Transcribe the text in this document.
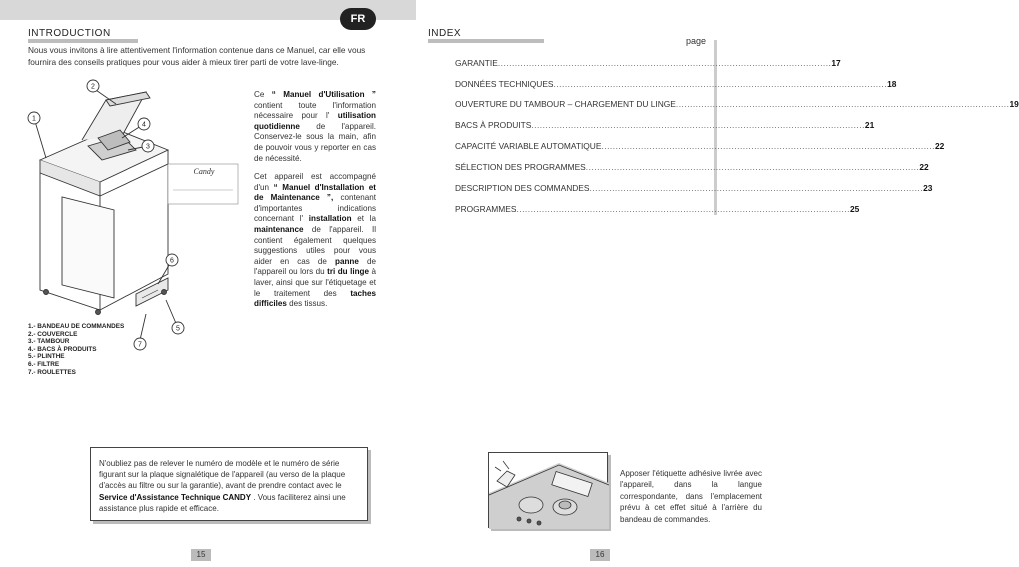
FR
INTRODUCTION

Nous vous invitons à lire attentivement l'information contenue dans ce Manuel, car elle vous fournira des conseils pratiques pour vous aider à mieux tirer parti de votre lave-linge.

1
2
3
4
5
6
7
Candy
1.- BANDEAU DE COMMANDES
2.- COUVERCLE
3.- TAMBOUR
4.- BACS À PRODUITS
5.- PLINTHE
6.- FILTRE
7.- ROULETTES

Ce “ Manuel d'Utilisation ” contient toute l'information nécessaire pour l' utilisation quotidienne de l'appareil. Conservez-le sous la main, afin de pouvoir vous y reporter en cas de nécessité.

Cet appareil est accompagné d'un “ Manuel d'Installation et de Maintenance ”, contenant d'importantes indications concernant l' installation et la maintenance de l'appareil. Il contient également quelques suggestions utiles pour vous aider en cas de panne de l'appareil ou lors du tri du linge à laver, ainsi que sur l'étiquetage et le traitement des taches difficiles des tissus.

N'oubliez pas de relever le numéro de modèle et le numéro de série figurant sur la plaque signalétique de l'appareil (au verso de la plaque d'accès au filtre ou sur la garantie), avant de prendre contact avec le Service d'Assistance Technique CANDY . Vous faciliterez ainsi une assistance plus rapide et efficace.
15
INDEX
page
GARANTIE ...................................................................................................................... 17
DONNÉES TECHNIQUES ...................................................................................................................... 18
OUVERTURE DU TAMBOUR – CHARGEMENT DU LINGE ...................................................................................................................... 19
BACS À PRODUITS ...................................................................................................................... 21
CAPACITÉ VARIABLE AUTOMATIQUE ...................................................................................................................... 22
SÉLECTION DES PROGRAMMES ...................................................................................................................... 22
DESCRIPTION DES COMMANDES ...................................................................................................................... 23
PROGRAMMES ...................................................................................................................... 25

Apposer l'étiquette adhésive livrée avec l'appareil, dans la langue correspondante, dans l'emplacement prévu à cet effet situé à l'arrière du bandeau de commandes.

16
